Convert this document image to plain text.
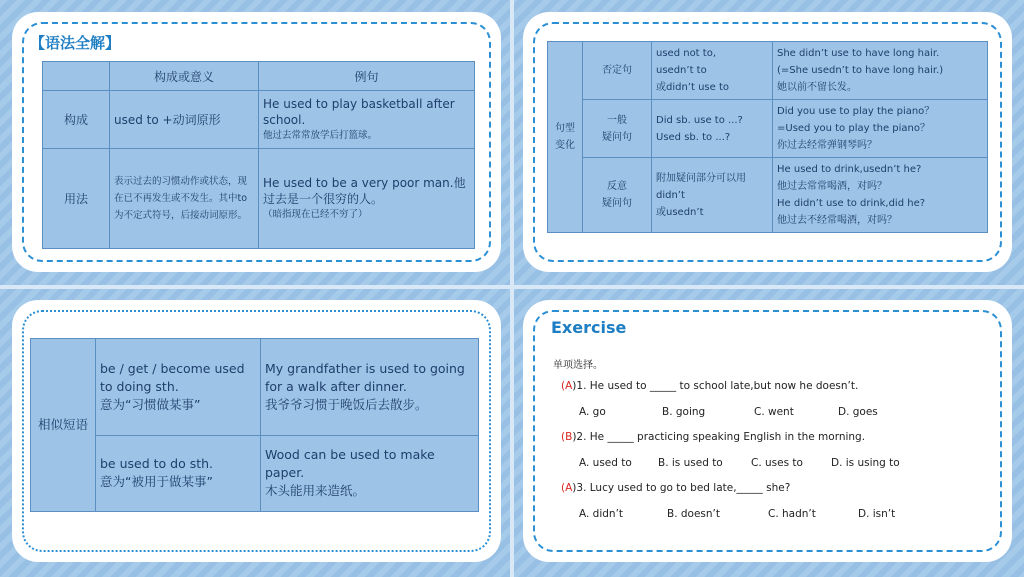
【语法全解】
	构成或意义	例句
构成	used to +动词原形	He used to play basketball after school.
他过去常常放学后打篮球。

用法	表示过去的习惯动作或状态，现在已不再发生或不发生。其中to为不定式符号，后接动词原形。	He used to be a very poor man.他过去是一个很穷的人。
（暗指现在已经不穷了）
句型变化	否定句	used not to,
usedn’t to
或didn’t use to	She didn’t use to have long hair.
(=She usedn’t to have long hair.)
她以前不留长发。
	一般
疑问句	Did sb. use to ...?
Used sb. to ...?	Did you use to play the piano？
=Used you to play the piano？
你过去经常弹钢琴吗？
	反意
疑问句	附加疑问部分可以用
didn’t
或usedn’t	He used to drink,usedn’t he?
他过去常常喝酒，对吗？
He didn’t use to drink,did he?
他过去不经常喝酒，对吗？
相似短语	be / get / become used to doing sth.
意为“习惯做某事”	My grandfather is used to going for a walk after dinner.
我爷爷习惯于晚饭后去散步。
	be used to do sth.
意为“被用于做某事”	Wood can be used to make paper.
木头能用来造纸。
Exercise
单项选择。
(A)1. He used to _____ to school late,but now he doesn’t.
A. go	B. going	C. went	D. goes
(B)2. He _____ practicing speaking English in the morning.
A. used to B. is used to	C. uses to	D. is using to
(A)3. Lucy used to go to bed late,_____ she?
A. didn’t	B. doesn’t	C. hadn’t	D. isn’t
